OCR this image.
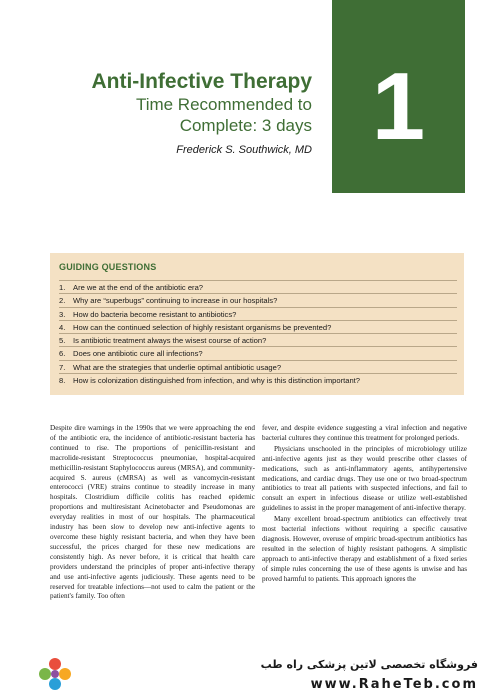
1
Anti-Infective Therapy
Time Recommended to
Complete: 3 days
Frederick S. Southwick, MD
GUIDING QUESTIONS
1.	Are we at the end of the antibiotic era?
2.	Why are “superbugs” continuing to increase in our hospitals?
3.	How do bacteria become resistant to antibiotics?
4.	How can the continued selection of highly resistant organisms be prevented?
5.	Is antibiotic treatment always the wisest course of action?
6.	Does one antibiotic cure all infections?
7.	What are the strategies that underlie optimal antibiotic usage?
8.	How is colonization distinguished from infection, and why is this distinction important?

Despite dire warnings in the 1990s that we were approaching the end of the antibiotic era, the incidence of antibiotic-resistant bacteria has continued to rise. The proportions of penicillin-resistant and macrolide-resistant Streptococcus pneumoniae, hospital-acquired methicillin-resistant Staphylococcus aureus (MRSA), and community-acquired S. aureus (cMRSA) as well as vancomycin-resistant enterococci (VRE) strains continue to steadily increase in many hospitals. Clostridium difficile colitis has reached epidemic proportions and multiresistant Acinetobacter and Pseudomonas are everyday realities in most of our hospitals. The pharmaceutical industry has been slow to develop new anti-infective agents to overcome these highly resistant bacteria, and when they have been successful, the prices charged for these new medications are consistently high. As never before, it is critical that health care providers understand the principles of proper anti-infective therapy and use anti-infective agents judiciously. These agents need to be reserved for treatable infections—not used to calm the patient or the patient's family. Too often

fever, and despite evidence suggesting a viral infection and negative bacterial cultures they continue this treatment for prolonged periods.

Physicians unschooled in the principles of microbiology utilize anti-infective agents just as they would prescribe other classes of medications, such as anti-inflammatory agents, antihypertensive medications, and cardiac drugs. They use one or two broad-spectrum antibiotics to treat all patients with suspected infections, and fail to consult an expert in infectious disease or utilize well-established guidelines to assist in the proper management of anti-infective therapy.

Many excellent broad-spectrum antibiotics can effectively treat most bacterial infections without requiring a specific causative diagnosis. However, overuse of empiric broad-spectrum antibiotics has resulted in the selection of highly resistant pathogens. A simplistic approach to anti-infective therapy and establishment of a fixed series of simple rules concerning the use of these agents is unwise and has proved harmful to patients. This approach ignores the

فروشگاه تخصصی لاتین پزشکی راه طب
www.RaheTeb.com
